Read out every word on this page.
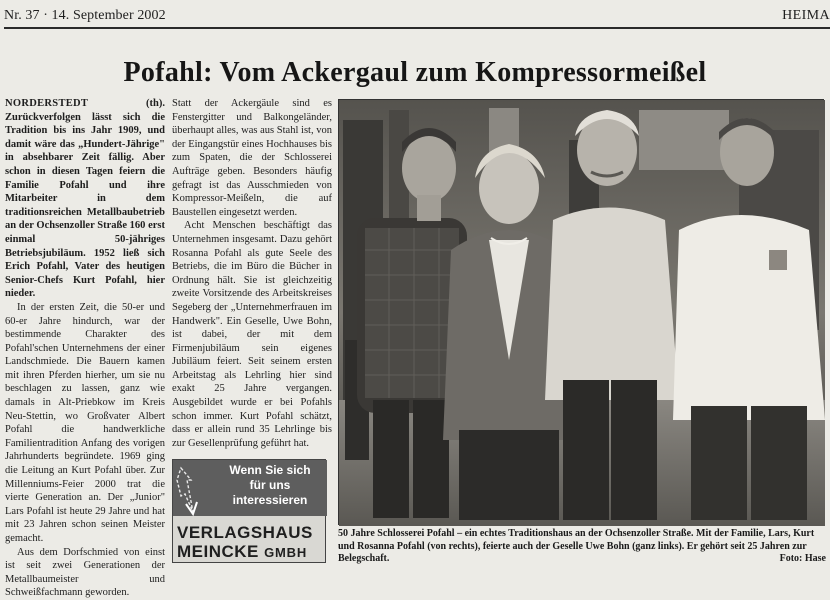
Nr. 37 · 14. September 2002	HEIMA
Pofahl: Vom Ackergaul zum Kompressormeißel

NORDERSTEDT (th). Zurückverfolgen lässt sich die Tradition bis ins Jahr 1909, und damit wäre das „Hundert-Jährige" in absehbarer Zeit fällig. Aber schon in diesen Tagen feiern die Familie Pofahl und ihre Mitarbeiter in dem traditionsreichen Metallbaubetrieb an der Ochsenzoller Straße 160 erst einmal 50-jähriges Betriebsjubiläum. 1952 ließ sich Erich Pofahl, Vater des heutigen Senior-Chefs Kurt Pofahl, hier nieder.

In der ersten Zeit, die 50-er und 60-er Jahre hindurch, war der bestimmende Charakter des Pofahl'schen Unternehmens der einer Landschmiede. Die Bauern kamen mit ihren Pferden hierher, um sie nu beschlagen zu lassen, ganz wie damals in Alt-Priebkow im Kreis Neu-Stettin, wo Großvater Albert Pofahl die handwerkliche Familientradition Anfang des vorigen Jahrhunderts begründete. 1969 ging die Leitung an Kurt Pofahl über. Zur Millenniums-Feier 2000 trat die vierte Generation an. Der „Junior" Lars Pofahl ist heute 29 Jahre und hat mit 23 Jahren schon seinen Meister gemacht.

Aus dem Dorfschmied von einst ist seit zwei Generationen der Metallbaumeister und Schweißfachmann geworden.

Statt der Ackergäule sind es Fenstergitter und Balkongeländer, überhaupt alles, was aus Stahl ist, von der Eingangstür eines Hochhauses bis zum Spaten, die der Schlosserei Aufträge geben. Besonders häufig gefragt ist das Ausschmieden von Kompressor-Meißeln, die auf Baustellen eingesetzt werden.

Acht Menschen beschäftigt das Unternehmen insgesamt. Dazu gehört Rosanna Pofahl als gute Seele des Betriebs, die im Büro die Bücher in Ordnung hält. Sie ist gleichzeitig zweite Vorsitzende des Arbeitskreises Segeberg der „Unternehmerfrauen im Handwerk". Ein Geselle, Uwe Bohn, ist dabei, der mit dem Firmenjubiläum sein eigenes Jubiläum feiert. Seit seinem ersten Arbeitstag als Lehrling hier sind exakt 25 Jahre vergangen. Ausgebildet wurde er bei Pofahls schon immer. Kurt Pofahl schätzt, dass er allein rund 35 Lehrlinge bis zur Gesellenprüfung geführt hat.

Wenn Sie sich
für uns
interessieren
VERLAGSHAUS
MEINCKE GMBH
50 Jahre Schlosserei Pofahl – ein echtes Traditionshaus an der Ochsenzoller Straße. Mit der Familie, Lars, Kurt und Rosanna Pofahl (von rechts), feierte auch der Geselle Uwe Bohn (ganz links). Er gehört seit 25 Jahren zur Belegschaft.	Foto: Hase
